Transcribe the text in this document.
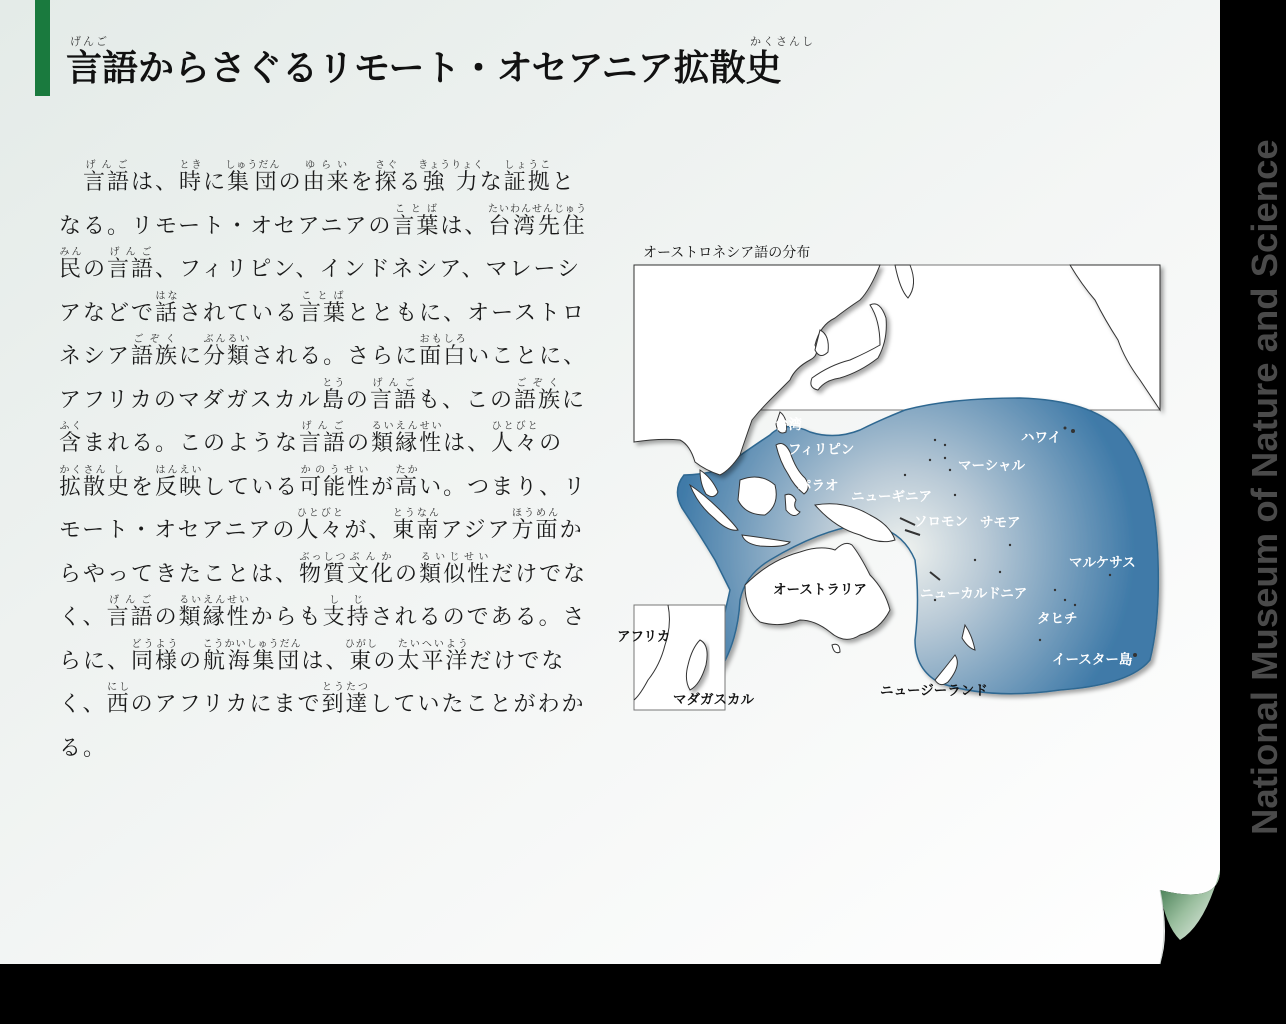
台湾
フィリピン
パラオ
ニューギニア
ソロモン サモア
ハワイ
マーシャル
マルケサス
オーストラリア	ニューカルドニア
タヒチ
イースター島
ニュージーランド
アフリカ
マダガスカル
げんご	かくさんし
言語からさぐるリモート・オセアニア拡散史

　言語げんごは、時ときに集団しゅうだんの由来ゆらいを探さぐる強力きょうりょくな証拠しょうことなる。リモート・オセアニアの言葉ことばは、台湾先住民たいわんせんじゅうみんの言語げんご、フィリピン、インドネシア、マレーシアなどで話はなされている言葉ことばとともに、オーストロネシア語族ごぞくに分類ぶんるいされる。さらに面白おもしろいことに、アフリカのマダガスカル島とうの言語げんごも、この語族ごぞくに含ふくまれる。このような言語げんごの類縁性るいえんせいは、人々ひとびとの拡散かくさん史しを反映はんえいしている可能性かのうせいが高たかい。つまり、リモート・オセアニアの人々ひとびとが、東南とうなんアジア方面ほうめんからやってきたことは、物質ぶっしつ文化ぶんかの類似性るいじせいだけでなく、言語げんごの類縁性るいえんせいからも支持しじされるのである。さらに、同様どうようの航海集団こうかいしゅうだんは、東ひがしの太平洋たいへいようだけでなく、西にしのアフリカにまで到達とうたつしていたことがわかる。

オーストロネシア語の分布	National Museum of Nature and Science
